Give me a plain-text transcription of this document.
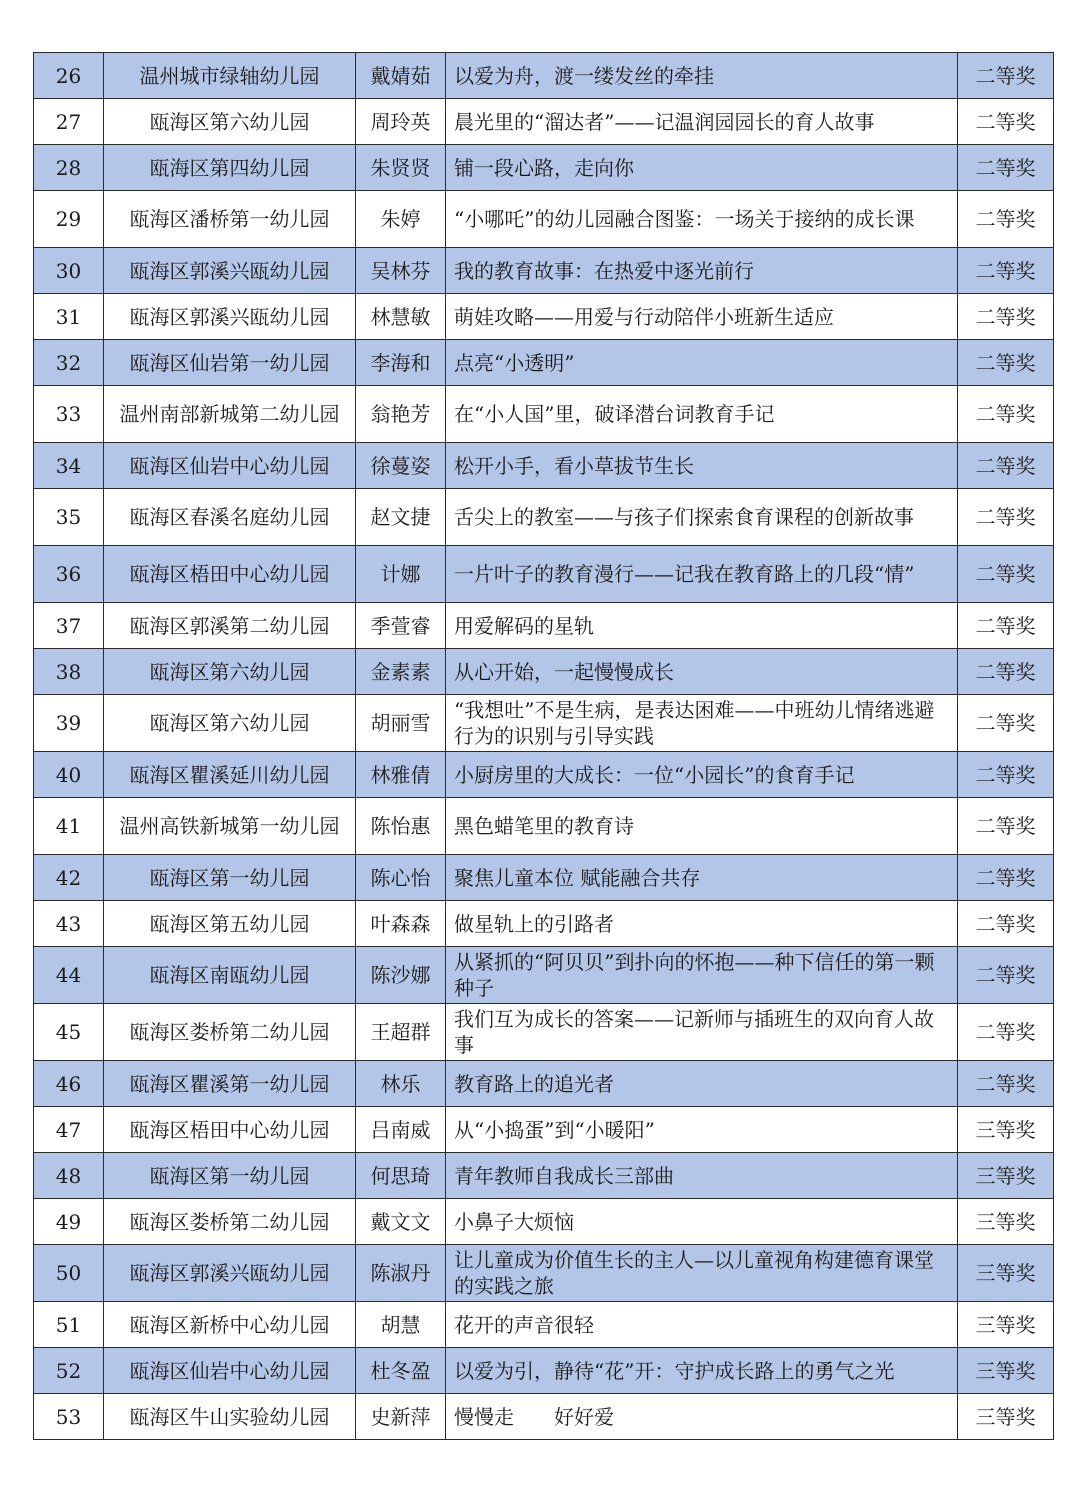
26	温州城市绿轴幼儿园	戴婧茹	以爱为舟，渡一缕发丝的牵挂	二等奖
27	瓯海区第六幼儿园	周玲英	晨光里的“溜达者”——记温润园园长的育人故事	二等奖
28	瓯海区第四幼儿园	朱贤贤	铺一段心路，走向你	二等奖
29	瓯海区潘桥第一幼儿园	朱婷	“小哪吒”的幼儿园融合图鉴：一场关于接纳的成长课	二等奖
30	瓯海区郭溪兴瓯幼儿园	吴林芬	我的教育故事：在热爱中逐光前行	二等奖
31	瓯海区郭溪兴瓯幼儿园	林慧敏	萌娃攻略——用爱与行动陪伴小班新生适应	二等奖
32	瓯海区仙岩第一幼儿园	李海和	点亮“小透明”	二等奖
33	温州南部新城第二幼儿园	翁艳芳	在“小人国”里，破译潜台词教育手记	二等奖
34	瓯海区仙岩中心幼儿园	徐蔓姿	松开小手，看小草拔节生长	二等奖
35	瓯海区春溪名庭幼儿园	赵文捷	舌尖上的教室——与孩子们探索食育课程的创新故事	二等奖
36	瓯海区梧田中心幼儿园	计娜	一片叶子的教育漫行——记我在教育路上的几段“情”	二等奖
37	瓯海区郭溪第二幼儿园	季萱睿	用爱解码的星轨	二等奖
38	瓯海区第六幼儿园	金素素	从心开始，一起慢慢成长	二等奖
39	瓯海区第六幼儿园	胡丽雪	“我想吐”不是生病，是表达困难——中班幼儿情绪逃避行为的识别与引导实践	二等奖
40	瓯海区瞿溪延川幼儿园	林雅倩	小厨房里的大成长：一位“小园长”的食育手记	二等奖
41	温州高铁新城第一幼儿园	陈怡惠	黑色蜡笔里的教育诗	二等奖
42	瓯海区第一幼儿园	陈心怡	聚焦儿童本位 赋能融合共存	二等奖
43	瓯海区第五幼儿园	叶森森	做星轨上的引路者	二等奖
44	瓯海区南瓯幼儿园	陈沙娜	从紧抓的“阿贝贝”到扑向的怀抱——种下信任的第一颗种子	二等奖
45	瓯海区娄桥第二幼儿园	王超群	我们互为成长的答案——记新师与插班生的双向育人故事	二等奖
46	瓯海区瞿溪第一幼儿园	林乐	教育路上的追光者	二等奖
47	瓯海区梧田中心幼儿园	吕南威	从“小捣蛋”到“小暖阳”	三等奖
48	瓯海区第一幼儿园	何思琦	青年教师自我成长三部曲	三等奖
49	瓯海区娄桥第二幼儿园	戴文文	小鼻子大烦恼	三等奖
50	瓯海区郭溪兴瓯幼儿园	陈淑丹	让儿童成为价值生长的主人—以儿童视角构建德育课堂的实践之旅	三等奖
51	瓯海区新桥中心幼儿园	胡慧	花开的声音很轻	三等奖
52	瓯海区仙岩中心幼儿园	杜冬盈	以爱为引，静待“花”开：守护成长路上的勇气之光	三等奖
53	瓯海区牛山实验幼儿园	史新萍	慢慢走　　好好爱	三等奖
